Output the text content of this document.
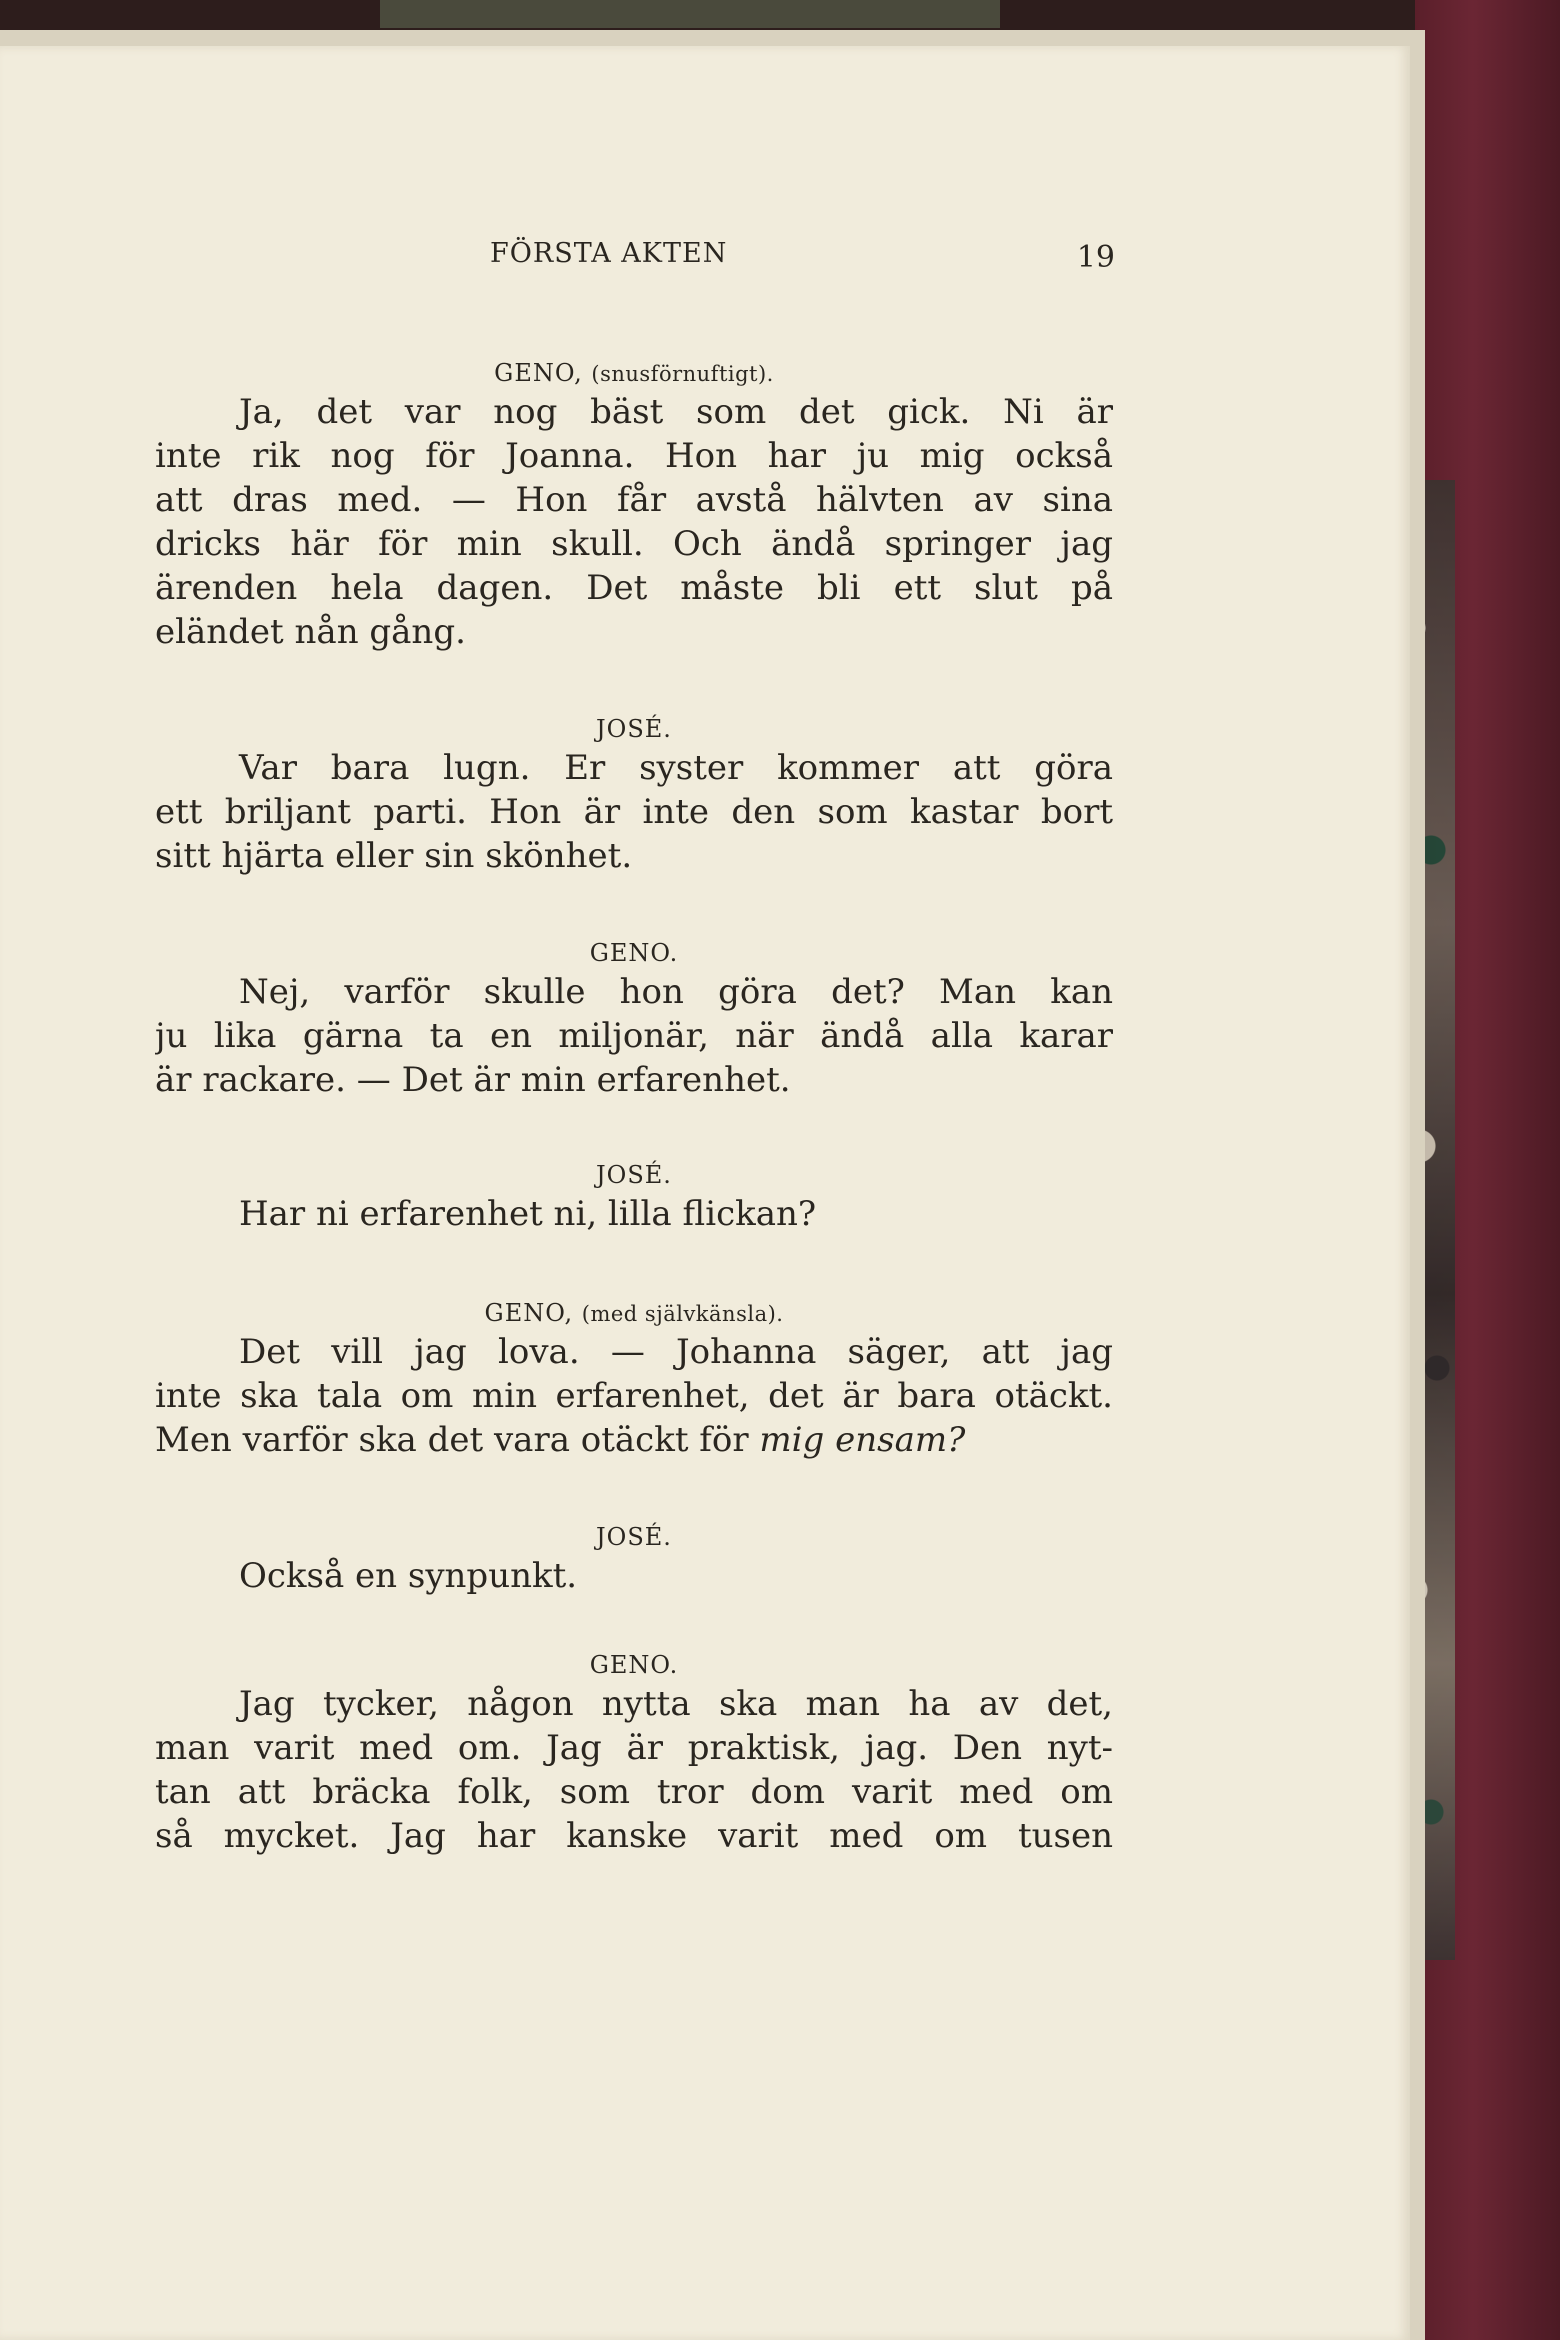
FÖRSTA AKTEN	19
GENO, (snusförnuftigt).
Ja, det var nog bäst som det gick. Ni är
inte rik nog för Joanna. Hon har ju mig också
att dras med. — Hon får avstå hälvten av sina
dricks här för min skull. Och ändå springer jag
ärenden hela dagen. Det måste bli ett slut på
eländet nån gång.
JOSÉ.
Var bara lugn. Er syster kommer att göra
ett briljant parti. Hon är inte den som kastar bort
sitt hjärta eller sin skönhet.
GENO.
Nej, varför skulle hon göra det? Man kan
ju lika gärna ta en miljonär, när ändå alla karar
är rackare. — Det är min erfarenhet.
JOSÉ.
Har ni erfarenhet ni, lilla flickan?
GENO, (med självkänsla).
Det vill jag lova. — Johanna säger, att jag
inte ska tala om min erfarenhet, det är bara otäckt.
Men varför ska det vara otäckt för mig ensam?
JOSÉ.
Också en synpunkt.
GENO.
Jag tycker, någon nytta ska man ha av det,
man varit med om. Jag är praktisk, jag. Den nyt-
tan att bräcka folk, som tror dom varit med om
så mycket. Jag har kanske varit med om tusen
